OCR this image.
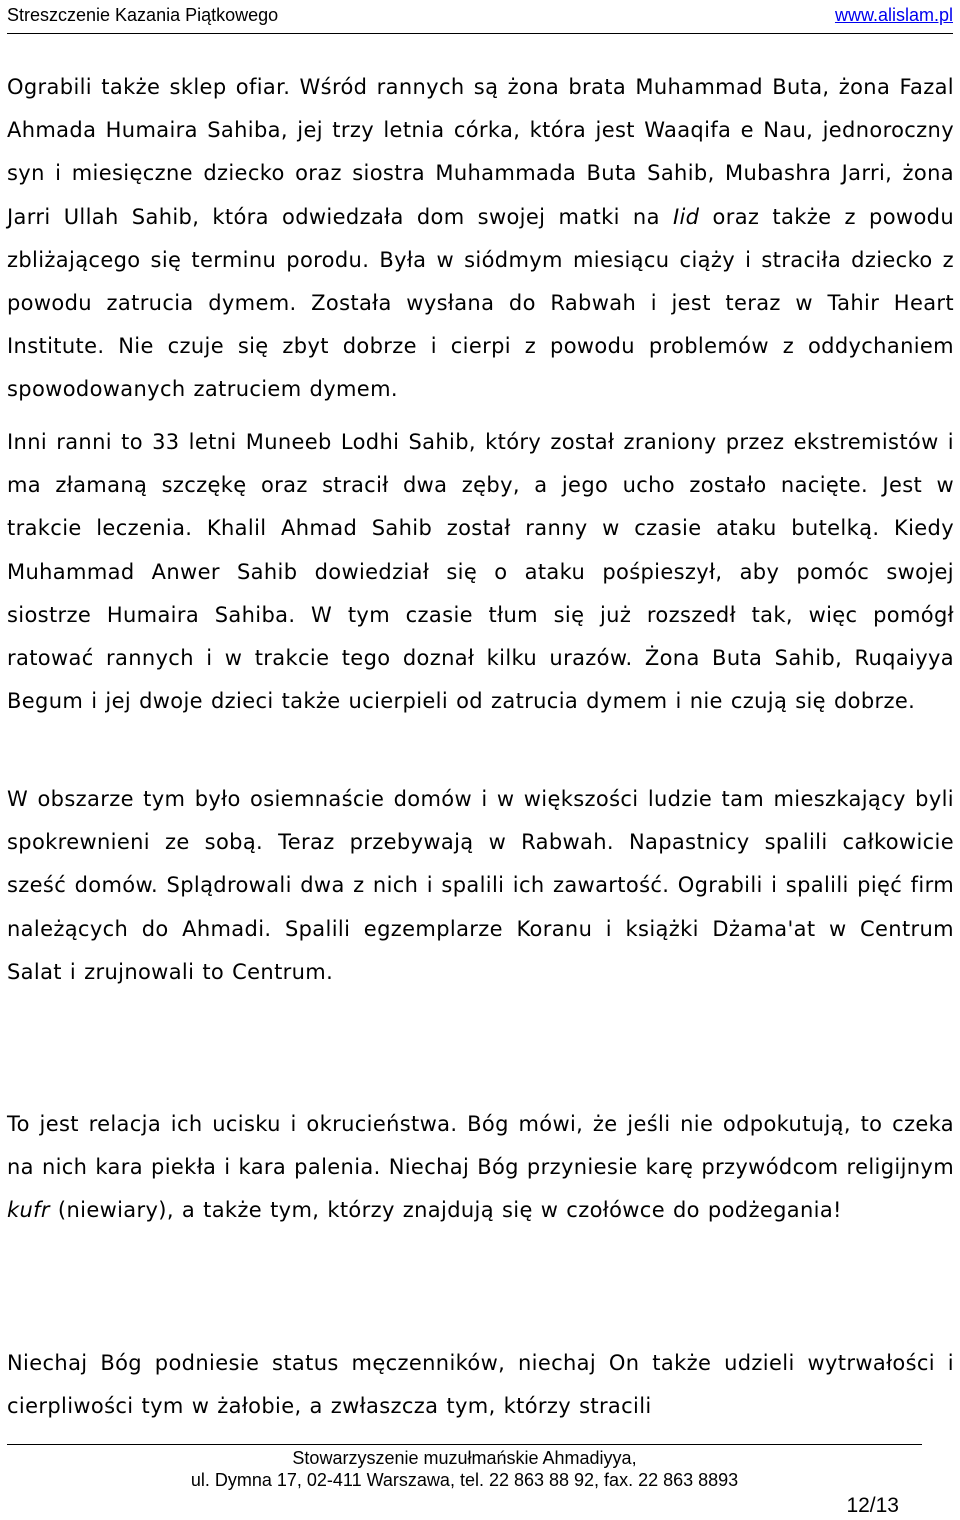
Streszczenie Kazania Piątkowego	www.alislam.pl

Ograbili także sklep ofiar. Wśród rannych są żona brata Muhammad Buta, żona Fazal Ahmada Humaira Sahiba, jej trzy letnia córka, która jest Waaqifa e Nau, jednoroczny syn i miesięczne dziecko oraz siostra Muhammada Buta Sahib, Mubashra Jarri, żona Jarri Ullah Sahib, która odwiedzała dom swojej matki na Iid oraz także z powodu zbliżającego się terminu porodu. Była w siódmym miesiącu ciąży i straciła dziecko z powodu zatrucia dymem. Została wysłana do Rabwah i jest teraz w Tahir Heart Institute. Nie czuje się zbyt dobrze i cierpi z powodu problemów z oddychaniem spowodowanych zatruciem dymem.

Inni ranni to 33 letni Muneeb Lodhi Sahib, który został zraniony przez ekstremistów i ma złamaną szczękę oraz stracił dwa zęby, a jego ucho zostało nacięte. Jest w trakcie leczenia. Khalil Ahmad Sahib został ranny w czasie ataku butelką. Kiedy Muhammad Anwer Sahib dowiedział się o ataku pośpieszył, aby pomóc swojej siostrze Humaira Sahiba. W tym czasie tłum się już rozszedł tak, więc pomógł ratować rannych i w trakcie tego doznał kilku urazów. Żona Buta Sahib, Ruqaiyya Begum i jej dwoje dzieci także ucierpieli od zatrucia dymem i nie czują się dobrze.

W obszarze tym było osiemnaście domów i w większości ludzie tam mieszkający byli spokrewnieni ze sobą. Teraz przebywają w Rabwah. Napastnicy spalili całkowicie sześć domów. Splądrowali dwa z nich i spalili ich zawartość. Ograbili i spalili pięć firm należących do Ahmadi. Spalili egzemplarze Koranu i książki Dżama'at w Centrum Salat i zrujnowali to Centrum.

To jest relacja ich ucisku i okrucieństwa. Bóg mówi, że jeśli nie odpokutują, to czeka na nich kara piekła i kara palenia. Niechaj Bóg przyniesie karę przywódcom religijnym kufr (niewiary), a także tym, którzy znajdują się w czołówce do podżegania!

Niechaj Bóg podniesie status męczenników, niechaj On także udzieli wytrwałości i cierpliwości tym w żałobie, a zwłaszcza tym, którzy stracili

Stowarzyszenie muzułmańskie Ahmadiyya,
ul. Dymna 17, 02-411 Warszawa, tel. 22 863 88 92, fax. 22 863 8893
12/13
